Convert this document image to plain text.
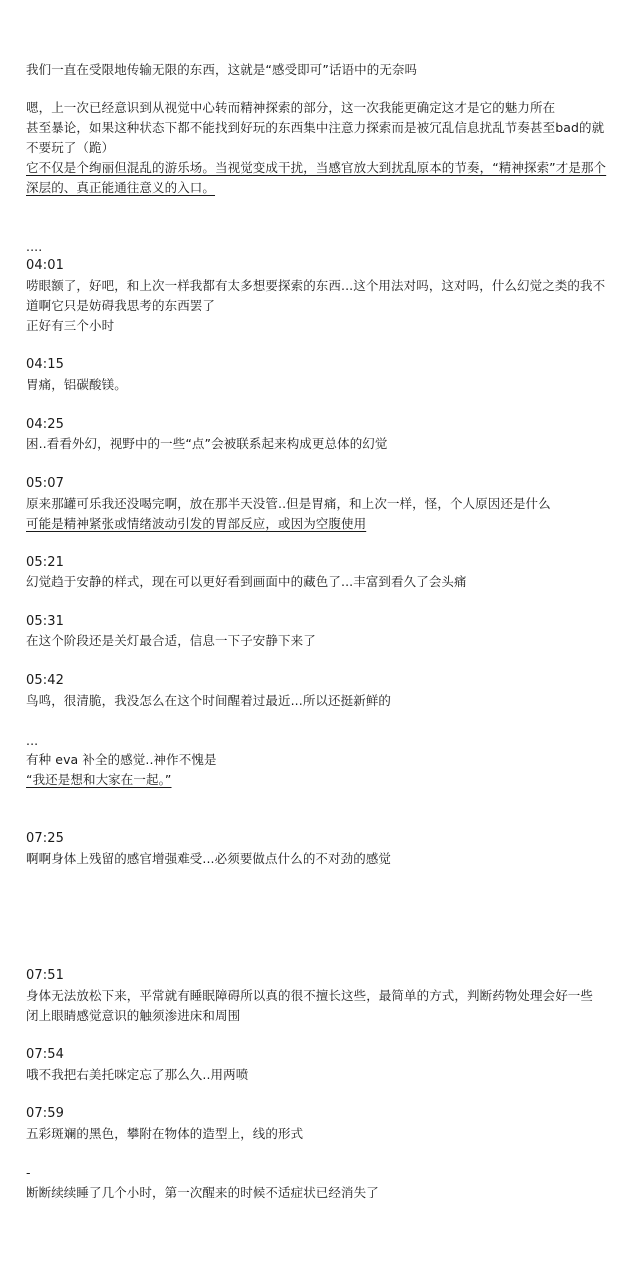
我们一直在受限地传输无限的东西，这就是“感受即可”话语中的无奈吗
嗯，上一次已经意识到从视觉中心转而精神探索的部分，这一次我能更确定这才是它的魅力所在
甚至暴论，如果这种状态下都不能找到好玩的东西集中注意力探索而是被冗乱信息扰乱节奏甚至bad的就
不要玩了（跪）
它不仅是个绚丽但混乱的游乐场。当视觉变成干扰，当感官放大到扰乱原本的节奏，“精神探索”才是那个
深层的、真正能通往意义的入口。
....
04:01
唠眼额了，好吧，和上次一样我都有太多想要探索的东西...这个用法对吗，这对吗，什么幻觉之类的我不
道啊它只是妨碍我思考的东西罢了
正好有三个小时
04:15
胃痛，铝碳酸镁。
04:25
困..看看外幻，视野中的一些“点”会被联系起来构成更总体的幻觉
05:07
原来那罐可乐我还没喝完啊，放在那半天没管..但是胃痛，和上次一样，怪，个人原因还是什么
可能是精神紧张或情绪波动引发的胃部反应，或因为空腹使用
05:21
幻觉趋于安静的样式，现在可以更好看到画面中的藏色了...丰富到看久了会头痛
05:31
在这个阶段还是关灯最合适，信息一下子安静下来了
05:42
鸟鸣，很清脆，我没怎么在这个时间醒着过最近...所以还挺新鲜的
...
有种 eva 补全的感觉..神作不愧是
“我还是想和大家在一起。”
07:25
啊啊身体上残留的感官增强难受...必须要做点什么的不对劲的感觉
07:51
身体无法放松下来，平常就有睡眠障碍所以真的很不擅长这些，最简单的方式，判断药物处理会好一些
闭上眼睛感觉意识的触须渗进床和周围
07:54
哦不我把右美托咪定忘了那么久..用两喷
07:59
五彩斑斓的黑色，攀附在物体的造型上，线的形式
-
断断续续睡了几个小时，第一次醒来的时候不适症状已经消失了
